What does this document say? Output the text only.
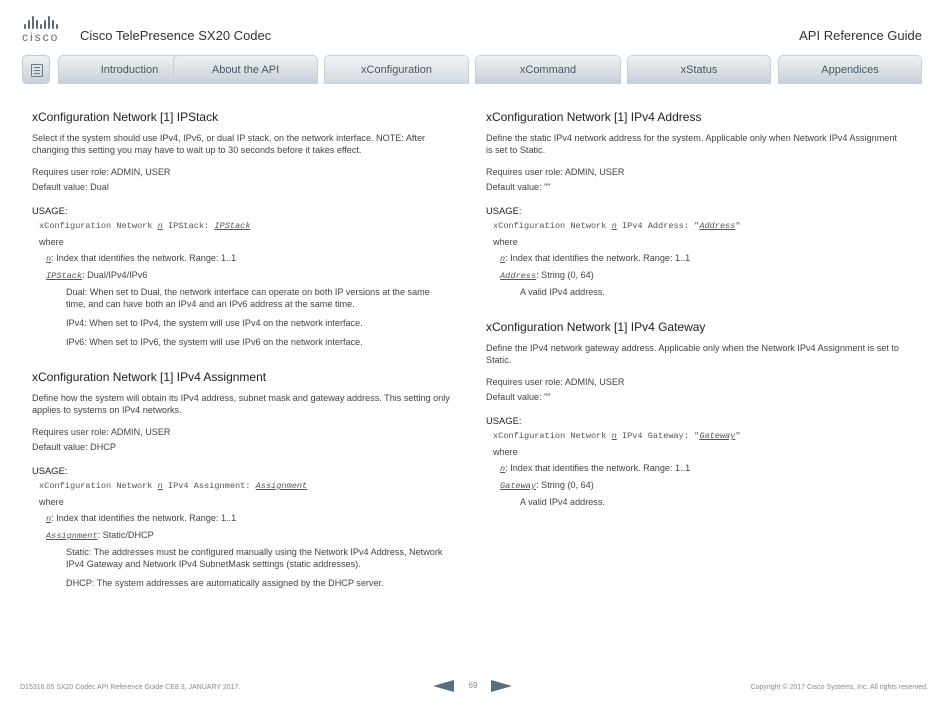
cisco	Cisco TelePresence SX20 Codec	API Reference Guide
Introduction	About the API	xConfiguration	xCommand	xStatus	Appendices
xConfiguration Network [1] IPStack

Select if the system should use IPv4, IPv6, or dual IP stack, on the network interface. NOTE: After changing this setting you may have to wait up to 30 seconds before it takes effect.

Requires user role: ADMIN, USER

Default value: Dual

USAGE:

xConfiguration Network n IPStack: IPStack

where

n: Index that identifies the network. Range: 1..1

IPStack: Dual/IPv4/IPv6

Dual: When set to Dual, the network interface can operate on both IP versions at the same time, and can have both an IPv4 and an IPv6 address at the same time.

IPv4: When set to IPv4, the system will use IPv4 on the network interface.

IPv6: When set to IPv6, the system will use IPv6 on the network interface.

xConfiguration Network [1] IPv4 Assignment

Define how the system will obtain its IPv4 address, subnet mask and gateway address. This setting only applies to systems on IPv4 networks.

Requires user role: ADMIN, USER

Default value: DHCP

USAGE:

xConfiguration Network n IPv4 Assignment: Assignment

where

n: Index that identifies the network. Range: 1..1

Assignment: Static/DHCP

Static: The addresses must be configured manually using the Network IPv4 Address, Network IPv4 Gateway and Network IPv4 SubnetMask settings (static addresses).

DHCP: The system addresses are automatically assigned by the DHCP server.

xConfiguration Network [1] IPv4 Address

Define the static IPv4 network address for the system. Applicable only when Network IPv4 Assignment is set to Static.

Requires user role: ADMIN, USER

Default value: ""

USAGE:

xConfiguration Network n IPv4 Address: "Address"

where

n: Index that identifies the network. Range: 1..1

Address: String (0, 64)

A valid IPv4 address.

xConfiguration Network [1] IPv4 Gateway

Define the IPv4 network gateway address. Applicable only when the Network IPv4 Assignment is set to Static.

Requires user role: ADMIN, USER

Default value: ""

USAGE:

xConfiguration Network n IPv4 Gateway: "Gateway"

where

n: Index that identifies the network. Range: 1..1

Gateway: String (0, 64)

A valid IPv4 address.

D15316.05 SX20 Codec API Reference Guide CE8.3, JANUARY 2017.	69	Copyright © 2017 Cisco Systems, Inc. All rights reserved.
